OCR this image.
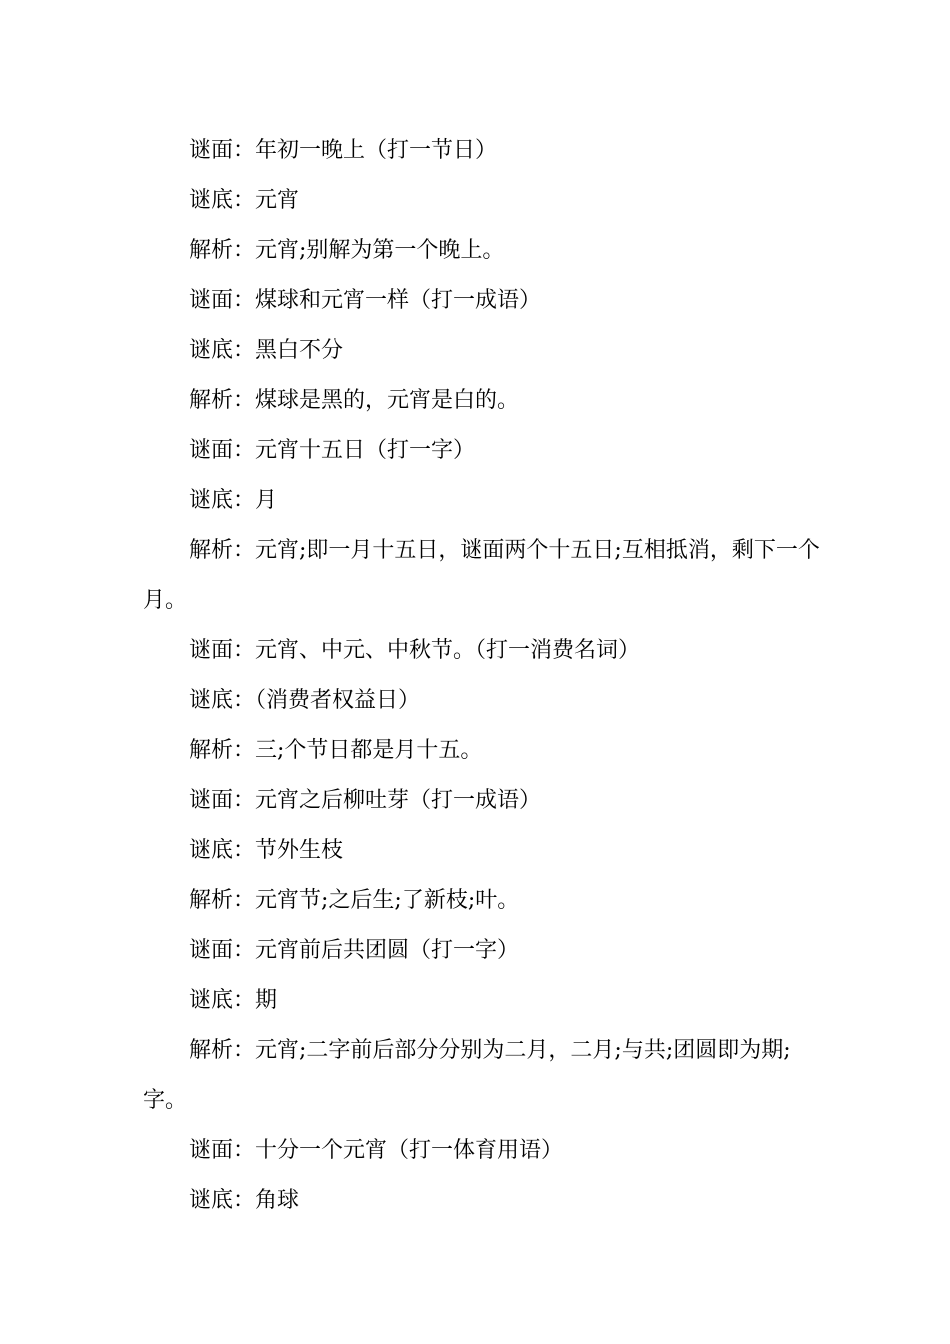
谜面：年初一晚上（打一节日）

谜底：元宵

解析：元宵;别解为第一个晚上。

谜面：煤球和元宵一样（打一成语）

谜底：黑白不分

解析：煤球是黑的，元宵是白的。

谜面：元宵十五日（打一字）

谜底：月

解析：元宵;即一月十五日，谜面两个十五日;互相抵消，剩下一个月。

谜面：元宵、中元、中秋节。（打一消费名词）

谜底：（消费者权益日）

解析：三;个节日都是月十五。

谜面：元宵之后柳吐芽（打一成语）

谜底：节外生枝

解析：元宵节;之后生;了新枝;叶。

谜面：元宵前后共团圆（打一字）

谜底：期

解析：元宵;二字前后部分分别为二月，二月;与共;团圆即为期;字。

谜面：十分一个元宵（打一体育用语）

谜底：角球
